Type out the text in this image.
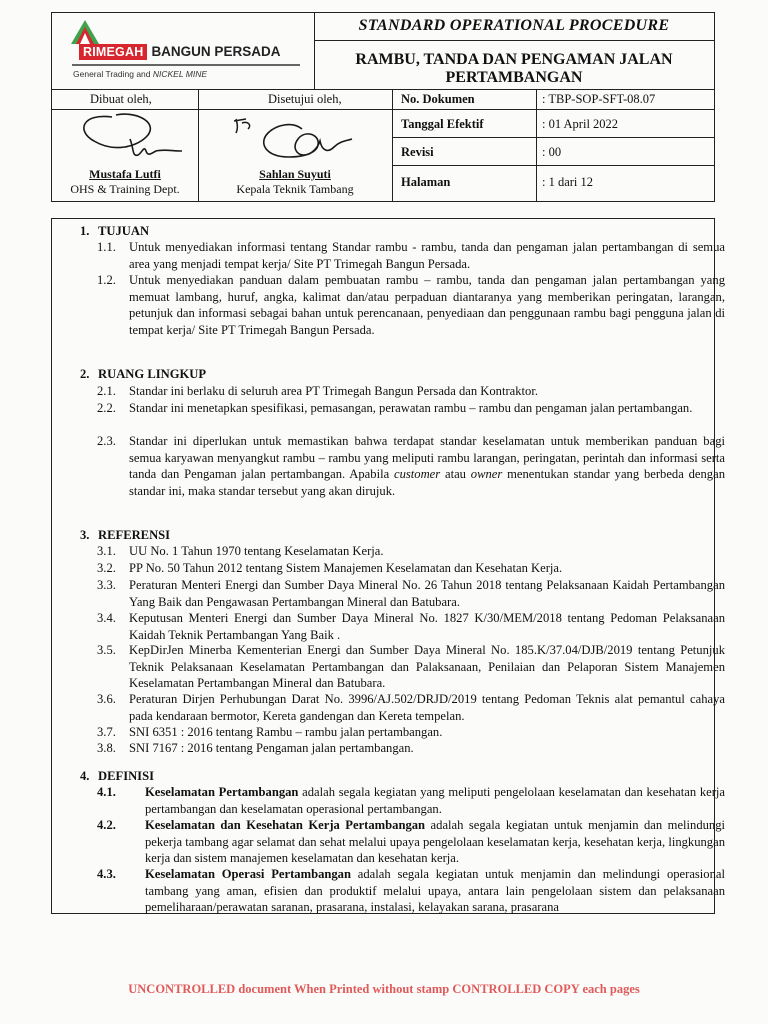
RIMEGAH BANGUN PERSADA
General Trading and NICKEL MINE
STANDARD OPERATIONAL PROCEDURE
RAMBU, TANDA DAN PENGAMAN JALAN PERTAMBANGAN
Dibuat oleh,	Disetujui oleh,
Mustafa Lutfi
OHS & Training Dept.
Sahlan Suyuti
Kepala Teknik Tambang
No. Dokumen	: TBP-SOP-SFT-08.07
Tanggal Efektif	: 01 April 2022
Revisi	: 00
Halaman	: 1 dari 12
1. TUJUAN
1.1. Untuk menyediakan informasi tentang Standar rambu - rambu, tanda dan pengaman jalan pertambangan di semua area yang menjadi tempat kerja/ Site PT Trimegah Bangun Persada.
1.2. Untuk menyediakan panduan dalam pembuatan rambu – rambu, tanda dan pengaman jalan pertambangan yang memuat lambang, huruf, angka, kalimat dan/atau perpaduan diantaranya yang memberikan peringatan, larangan, petunjuk dan informasi sebagai bahan untuk perencanaan, penyediaan dan penggunaan rambu bagi pengguna jalan di tempat kerja/ Site PT Trimegah Bangun Persada.
2. RUANG LINGKUP
2.1. Standar ini berlaku di seluruh area PT Trimegah Bangun Persada dan Kontraktor.
2.2. Standar ini menetapkan spesifikasi, pemasangan, perawatan rambu – rambu dan pengaman jalan pertambangan.
2.3. Standar ini diperlukan untuk memastikan bahwa terdapat standar keselamatan untuk memberikan panduan bagi semua karyawan menyangkut rambu – rambu yang meliputi rambu larangan, peringatan, perintah dan informasi serta tanda dan Pengaman jalan pertambangan. Apabila customer atau owner menentukan standar yang berbeda dengan standar ini, maka standar tersebut yang akan dirujuk.
3. REFERENSI
3.1. UU No. 1 Tahun 1970 tentang Keselamatan Kerja.
3.2. PP No. 50 Tahun 2012 tentang Sistem Manajemen Keselamatan dan Kesehatan Kerja.
3.3. Peraturan Menteri Energi dan Sumber Daya Mineral No. 26 Tahun 2018 tentang Pelaksanaan Kaidah Pertambangan Yang Baik dan Pengawasan Pertambangan Mineral dan Batubara.
3.4. Keputusan Menteri Energi dan Sumber Daya Mineral No. 1827 K/30/MEM/2018 tentang Pedoman Pelaksanaan Kaidah Teknik Pertambangan Yang Baik .
3.5. KepDirJen Minerba Kementerian Energi dan Sumber Daya Mineral No. 185.K/37.04/DJB/2019 tentang Petunjuk Teknik Pelaksanaan Keselamatan Pertambangan dan Palaksanaan, Penilaian dan Pelaporan Sistem Manajemen Keselamatan Pertambangan Mineral dan Batubara.
3.6. Peraturan Dirjen Perhubungan Darat No. 3996/AJ.502/DRJD/2019 tentang Pedoman Teknis alat pemantul cahaya pada kendaraan bermotor, Kereta gandengan dan Kereta tempelan.
3.7. SNI 6351 : 2016 tentang Rambu – rambu jalan pertambangan.
3.8. SNI 7167 : 2016 tentang Pengaman jalan pertambangan.
4. DEFINISI
4.1. Keselamatan Pertambangan adalah segala kegiatan yang meliputi pengelolaan keselamatan dan kesehatan kerja pertambangan dan keselamatan operasional pertambangan.
4.2. Keselamatan dan Kesehatan Kerja Pertambangan adalah segala kegiatan untuk menjamin dan melindungi pekerja tambang agar selamat dan sehat melalui upaya pengelolaan keselamatan kerja, kesehatan kerja, lingkungan kerja dan sistem manajemen keselamatan dan kesehatan kerja.
4.3. Keselamatan Operasi Pertambangan adalah segala kegiatan untuk menjamin dan melindungi operasional tambang yang aman, efisien dan produktif melalui upaya, antara lain pengelolaan sistem dan pelaksanaan pemeliharaan/perawatan saranan, prasarana, instalasi, kelayakan sarana, prasarana
UNCONTROLLED document When Printed without stamp CONTROLLED COPY each pages
